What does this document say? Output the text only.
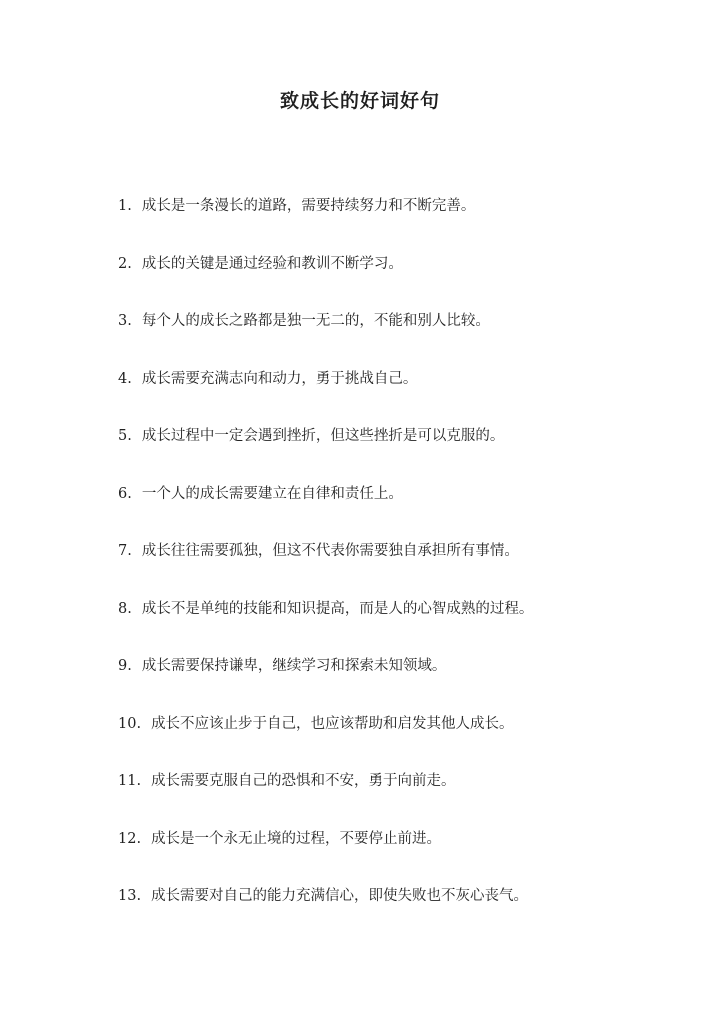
致成长的好词好句
1. 成长是一条漫长的道路，需要持续努力和不断完善。
2. 成长的关键是通过经验和教训不断学习。
3. 每个人的成长之路都是独一无二的，不能和别人比较。
4. 成长需要充满志向和动力，勇于挑战自己。
5. 成长过程中一定会遇到挫折，但这些挫折是可以克服的。
6. 一个人的成长需要建立在自律和责任上。
7. 成长往往需要孤独，但这不代表你需要独自承担所有事情。
8. 成长不是单纯的技能和知识提高，而是人的心智成熟的过程。
9. 成长需要保持谦卑，继续学习和探索未知领域。
10. 成长不应该止步于自己，也应该帮助和启发其他人成长。
11. 成长需要克服自己的恐惧和不安，勇于向前走。
12. 成长是一个永无止境的过程，不要停止前进。
13. 成长需要对自己的能力充满信心，即使失败也不灰心丧气。
